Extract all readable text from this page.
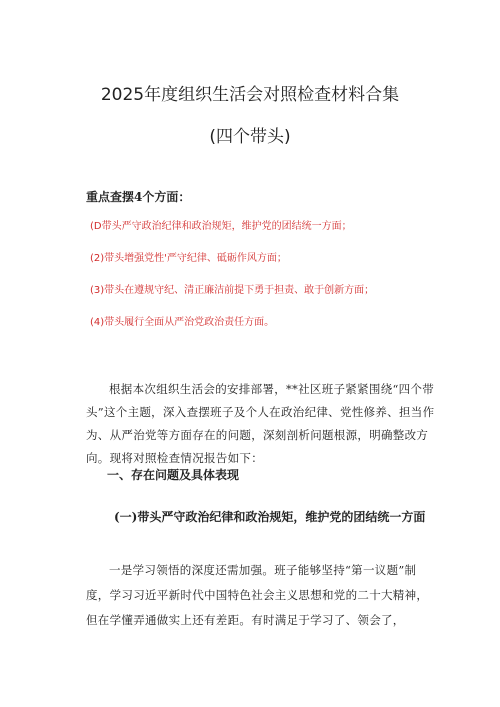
2025年度组织生活会对照检查材料合集
(四个带头)
重点查摆4个方面：
(D带头严守政治纪律和政治规矩，维护党的团结统一方面；
(2)带头增强党性'严守纪律、砥砺作风方面；
(3)带头在遵规守纪、清正廉洁前提下勇于担责、敢于创新方面；
(4)带头履行全面从严治党政治责任方面。

根据本次组织生活会的安排部署，**社区班子紧紧围绕“四个带头”这个主题，深入查摆班子及个人在政治纪律、党性修养、担当作为、从严治党等方面存在的问题，深刻剖析问题根源，明确整改方向。现将对照检查情况报告如下：

一、存在问题及具体表现

(一)带头严守政治纪律和政治规矩，维护党的团结统一方面

一是学习领悟的深度还需加强。班子能够坚持“第一议题”制度，学习习近平新时代中国特色社会主义思想和党的二十大精神，但在学懂弄通做实上还有差距。有时满足于学习了、领会了，
